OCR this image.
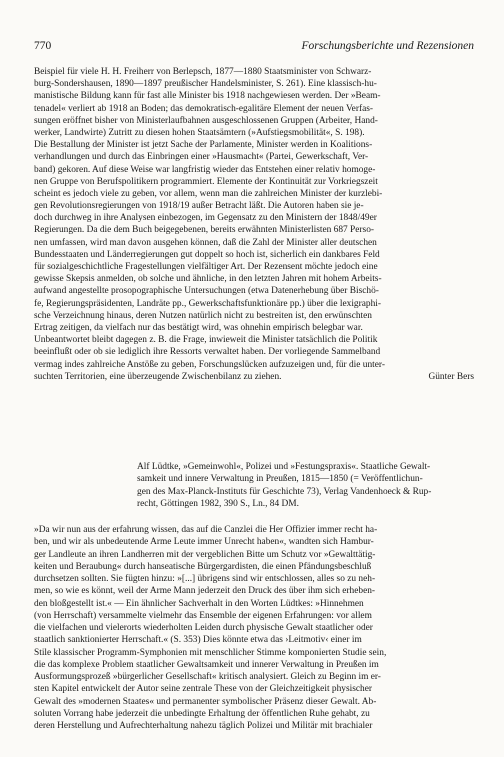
770	Forschungsberichte und Rezensionen
Beispiel für viele H. H. Freiherr von Berlepsch, 1877—1880 Staatsminister von Schwarz-
burg-Sondershausen, 1890—1897 preußischer Handelsminister, S. 261). Eine klassisch-hu-
manistische Bildung kann für fast alle Minister bis 1918 nachgewiesen werden. Der »Beam-
tenadel« verliert ab 1918 an Boden; das demokratisch-egalitäre Element der neuen Verfas-
sungen eröffnet bisher von Ministerlaufbahnen ausgeschlossenen Gruppen (Arbeiter, Hand-
werker, Landwirte) Zutritt zu diesen hohen Staatsämtern (»Aufstiegsmobilität«, S. 198).
Die Bestallung der Minister ist jetzt Sache der Parlamente, Minister werden in Koalitions-
verhandlungen und durch das Einbringen einer »Hausmacht« (Partei, Gewerkschaft, Ver-
band) gekoren. Auf diese Weise war langfristig wieder das Entstehen einer relativ homoge-
nen Gruppe von Berufspolitikern programmiert. Elemente der Kontinuität zur Vorkriegszeit
scheint es jedoch viele zu geben, vor allem, wenn man die zahlreichen Minister der kurzlebi-
gen Revolutionsregierungen von 1918/19 außer Betracht läßt. Die Autoren haben sie je-
doch durchweg in ihre Analysen einbezogen, im Gegensatz zu den Ministern der 1848/49er
Regierungen. Da die dem Buch beigegebenen, bereits erwähnten Ministerlisten 687 Perso-
nen umfassen, wird man davon ausgehen können, daß die Zahl der Minister aller deutschen
Bundesstaaten und Länderregierungen gut doppelt so hoch ist, sicherlich ein dankbares Feld
für sozialgeschichtliche Fragestellungen vielfältiger Art. Der Rezensent möchte jedoch eine
gewisse Skepsis anmelden, ob solche und ähnliche, in den letzten Jahren mit hohem Arbeits-
aufwand angestellte prosopographische Untersuchungen (etwa Datenerhebung über Bischö-
fe, Regierungspräsidenten, Landräte pp., Gewerkschaftsfunktionäre pp.) über die lexigraphi-
sche Verzeichnung hinaus, deren Nutzen natürlich nicht zu bestreiten ist, den erwünschten
Ertrag zeitigen, da vielfach nur das bestätigt wird, was ohnehin empirisch belegbar war.
Unbeantwortet bleibt dagegen z. B. die Frage, inwieweit die Minister tatsächlich die Politik
beeinflußt oder ob sie lediglich ihre Ressorts verwaltet haben. Der vorliegende Sammelband
vermag indes zahlreiche Anstöße zu geben, Forschungslücken aufzuzeigen und, für die unter-
suchten Territorien, eine überzeugende Zwischenbilanz zu ziehen.	Günter Bers
Alf Lüdtke, »Gemeinwohl«, Polizei und »Festungspraxis«. Staatliche Gewalt-
samkeit und innere Verwaltung in Preußen, 1815—1850 (= Veröffentlichun-
gen des Max-Planck-Instituts für Geschichte 73), Verlag Vandenhoeck & Rup-
recht, Göttingen 1982, 390 S., Ln., 84 DM.
»Da wir nun aus der erfahrung wissen, das auf die Canzlei die Her Offizier immer recht ha-
ben, und wir als unbedeutende Arme Leute immer Unrecht haben«, wandten sich Hambur-
ger Landleute an ihren Landherren mit der vergeblichen Bitte um Schutz vor »Gewalttätig-
keiten und Beraubung« durch hanseatische Bürgergardisten, die einen Pfändungsbeschluß
durchsetzen sollten. Sie fügten hinzu: »[...] übrigens sind wir entschlossen, alles so zu neh-
men, so wie es könnt, weil der Arme Mann jederzeit den Druck des über ihm sich erheben-
den bloßgestellt ist.« — Ein ähnlicher Sachverhalt in den Worten Lüdtkes: »Hinnehmen
(von Herrschaft) versammelte vielmehr das Ensemble der eigenen Erfahrungen: vor allem
die vielfachen und vielerorts wiederholten Leiden durch physische Gewalt staatlicher oder
staatlich sanktionierter Herrschaft.« (S. 353) Dies könnte etwa das ›Leitmotiv‹ einer im
Stile klassischer Programm-Symphonien mit menschlicher Stimme komponierten Studie sein,
die das komplexe Problem staatlicher Gewaltsamkeit und innerer Verwaltung in Preußen im
Ausformungsprozeß »bürgerlicher Gesellschaft« kritisch analysiert. Gleich zu Beginn im er-
sten Kapitel entwickelt der Autor seine zentrale These von der Gleichzeitigkeit physischer
Gewalt des »modernen Staates« und permanenter symbolischer Präsenz dieser Gewalt. Ab-
soluten Vorrang habe jederzeit die unbedingte Erhaltung der öffentlichen Ruhe gehabt, zu
deren Herstellung und Aufrechterhaltung nahezu täglich Polizei und Militär mit brachialer
